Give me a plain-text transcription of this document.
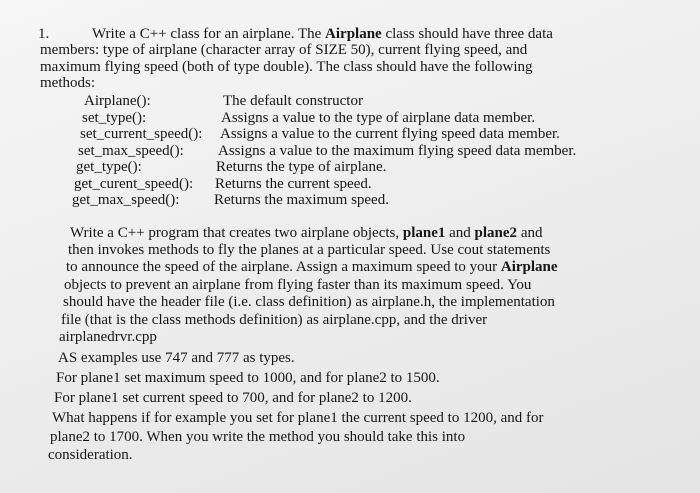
1.	Write a C++ class for an airplane. The Airplane class should have three data
members: type of airplane (character array of SIZE 50), current flying speed, and
maximum flying speed (both of type double). The class should have the following
methods:
Airplane():	The default constructor
set_type():	Assigns a value to the type of airplane data member.
set_current_speed(): Assigns a value to the current flying speed data member.
set_max_speed(): Assigns a value to the maximum flying speed data member.
get_type():	Returns the type of airplane.
get_curent_speed(): Returns the current speed.
get_max_speed(): Returns the maximum speed.
Write a C++ program that creates two airplane objects, plane1 and plane2 and
then invokes methods to fly the planes at a particular speed. Use cout statements
to announce the speed of the airplane. Assign a maximum speed to your Airplane
objects to prevent an airplane from flying faster than its maximum speed. You
should have the header file (i.e. class definition) as airplane.h, the implementation
file (that is the class methods definition) as airplane.cpp, and the driver
airplanedrvr.cpp
AS examples use 747 and 777 as types.
For plane1 set maximum speed to 1000, and for plane2 to 1500.
For plane1 set current speed to 700, and for plane2 to 1200.
What happens if for example you set for plane1 the current speed to 1200, and for
plane2 to 1700. When you write the method you should take this into
consideration.
